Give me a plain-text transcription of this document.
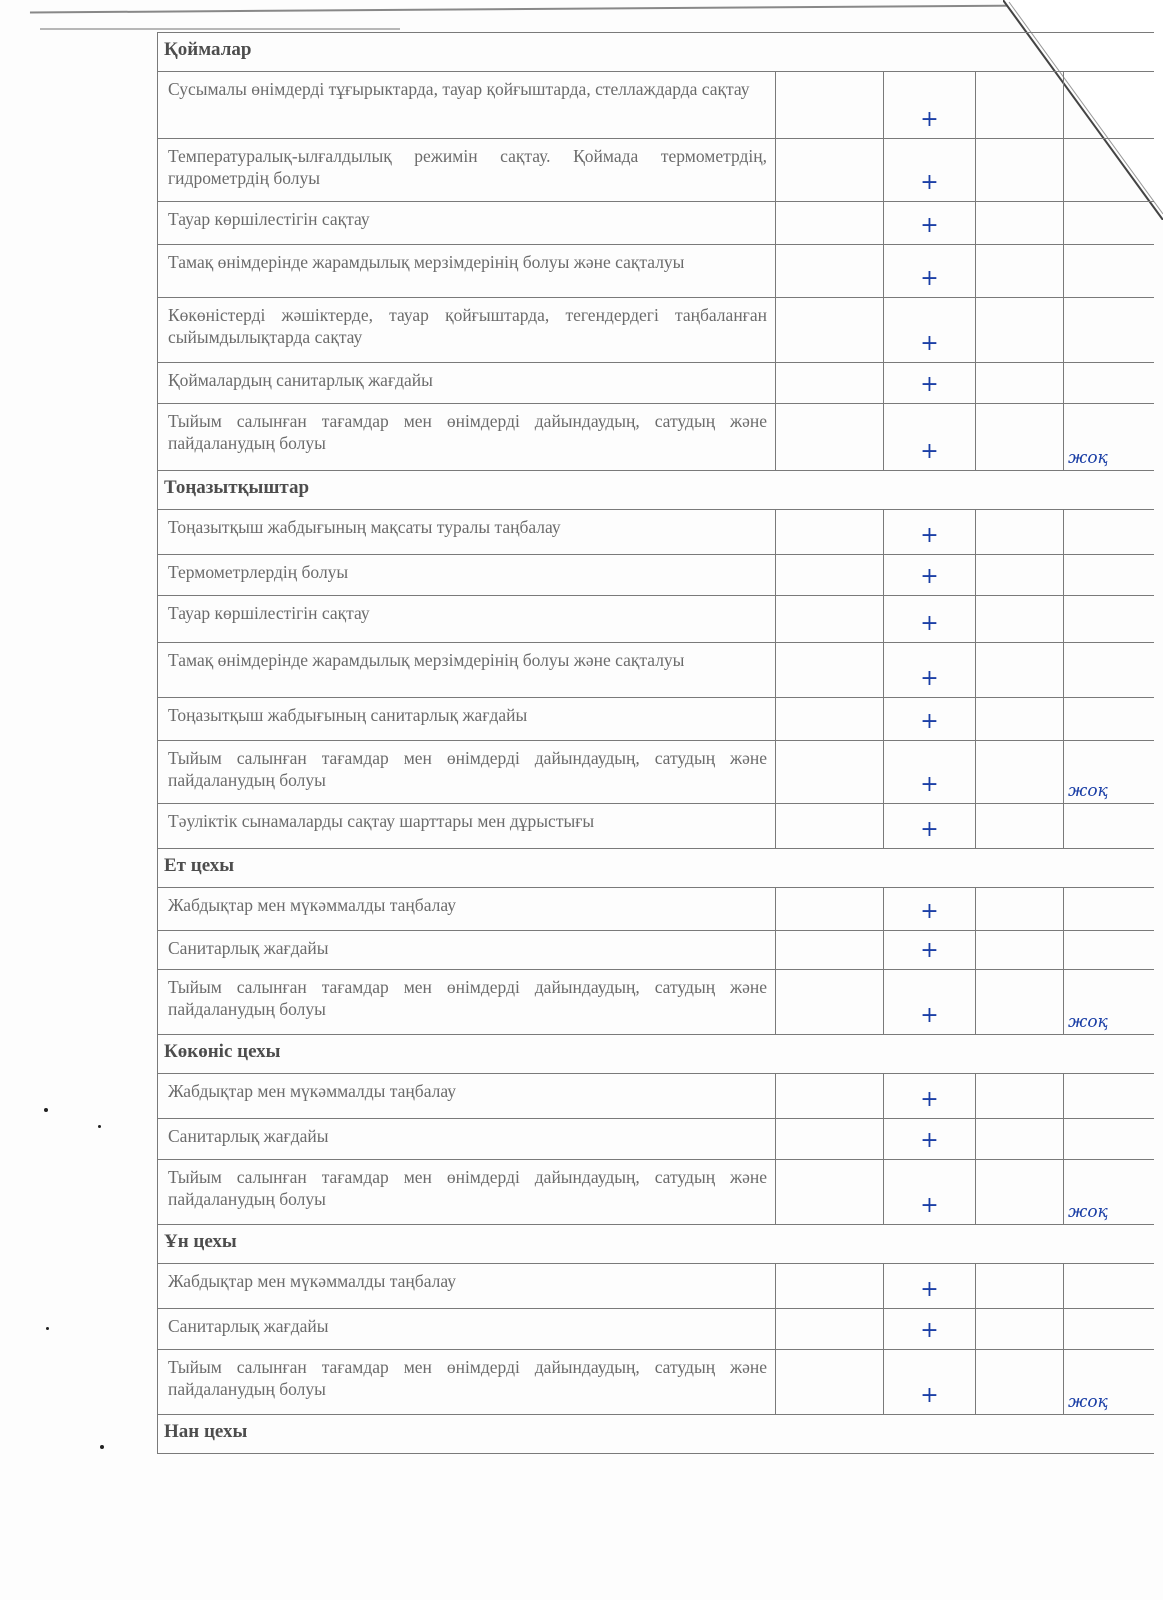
Қоймалар				
Сусымалы өнімдерді тұғырыктарда, тауар қойғыштарда, стеллаждарда сақтау		+		

Температуралық-ылғалдылық режимін сақтау. Қоймада термометрдің, гидрометрдің болуы		+		

Тауар көршілестігін сақтау		+		

Тамақ өнімдерінде жарамдылық мерзімдерінің болуы және сақталуы		+		

Көкөністерді жәшіктерде, тауар қойғыштарда, тегендердегі таңбаланған сыйымдылықтарда сақтау		+		

Қоймалардың санитарлық жағдайы		+		

Тыйым салынған тағамдар мен өнімдерді дайындаудың, сатудың және пайдаланудың болуы		+		жоқ

Тоңазытқыштар				
Тоңазытқыш жабдығының мақсаты туралы таңбалау		+		

Термометрлердің болуы		+		

Тауар көршілестігін сақтау		+		

Тамақ өнімдерінде жарамдылық мерзімдерінің болуы және сақталуы		+		

Тоңазытқыш жабдығының санитарлық жағдайы		+		

Тыйым салынған тағамдар мен өнімдерді дайындаудың, сатудың және пайдаланудың болуы		+		жоқ

Тәуліктік сынамаларды сақтау шарттары мен дұрыстығы		+		

Ет цехы				
Жабдықтар мен мүкәммалды таңбалау		+		

Санитарлық жағдайы		+		

Тыйым салынған тағамдар мен өнімдерді дайындаудың, сатудың және пайдаланудың болуы		+		жоқ

Көкөніс цехы				
Жабдықтар мен мүкәммалды таңбалау		+		

Санитарлық жағдайы		+		

Тыйым салынған тағамдар мен өнімдерді дайындаудың, сатудың және пайдаланудың болуы		+		жоқ

Ұн цехы				
Жабдықтар мен мүкәммалды таңбалау		+		

Санитарлық жағдайы		+		

Тыйым салынған тағамдар мен өнімдерді дайындаудың, сатудың және пайдаланудың болуы		+		жоқ

Нан цехы				
